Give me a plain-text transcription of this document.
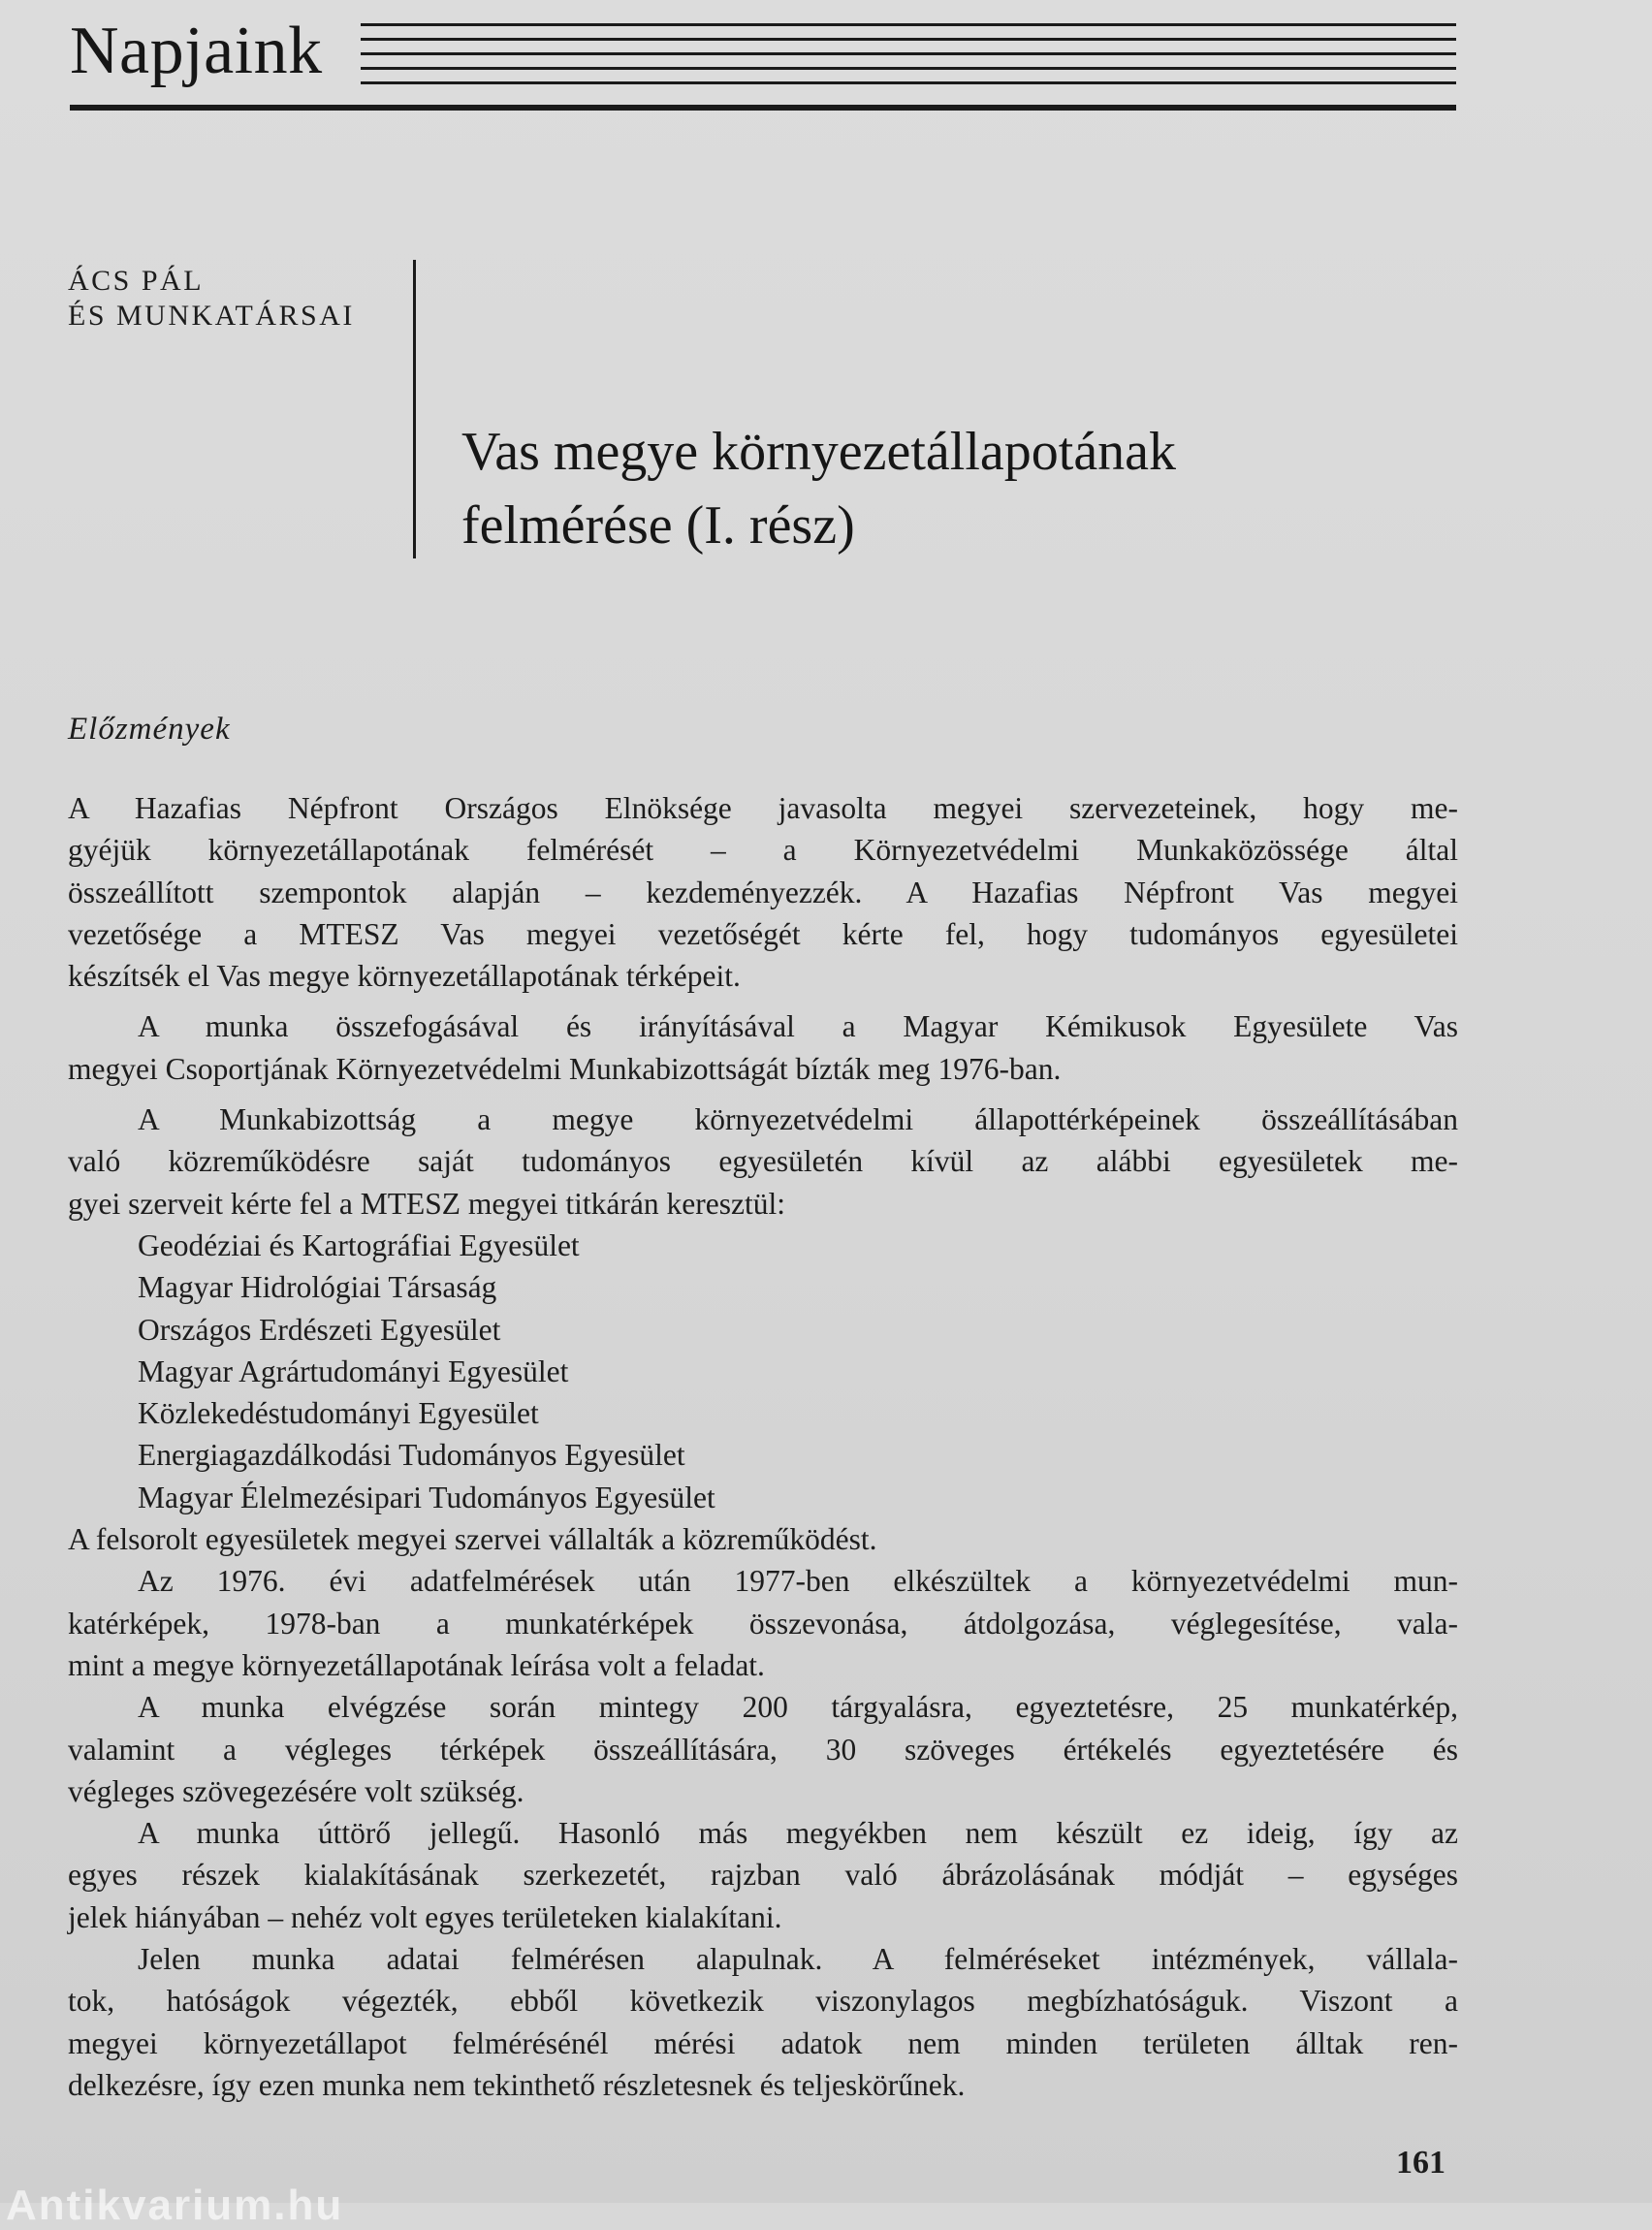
Napjaink
ÁCS PÁL
ÉS MUNKATÁRSAI
Vas megye környezetállapotának
felmérése (I. rész)
Előzmények
A Hazafias Népfront Országos Elnöksége javasolta megyei szervezeteinek, hogy me-
gyéjük környezetállapotának felmérését – a Környezetvédelmi Munkaközössége által
összeállított szempontok alapján – kezdeményezzék. A Hazafias Népfront Vas megyei
vezetősége a MTESZ Vas megyei vezetőségét kérte fel, hogy tudományos egyesületei
készítsék el Vas megye környezetállapotának térképeit.
A munka összefogásával és irányításával a Magyar Kémikusok Egyesülete Vas
megyei Csoportjának Környezetvédelmi Munkabizottságát bízták meg 1976-ban.
A Munkabizottság a megye környezetvédelmi állapottérképeinek összeállításában
való közreműködésre saját tudományos egyesületén kívül az alábbi egyesületek me-
gyei szerveit kérte fel a MTESZ megyei titkárán keresztül:
Geodéziai és Kartográfiai Egyesület
Magyar Hidrológiai Társaság
Országos Erdészeti Egyesület
Magyar Agrártudományi Egyesület
Közlekedéstudományi Egyesület
Energiagazdálkodási Tudományos Egyesület
Magyar Élelmezésipari Tudományos Egyesület
A felsorolt egyesületek megyei szervei vállalták a közreműködést.
Az 1976. évi adatfelmérések után 1977-ben elkészültek a környezetvédelmi mun-
katérképek, 1978-ban a munkatérképek összevonása, átdolgozása, véglegesítése, vala-
mint a megye környezetállapotának leírása volt a feladat.
A munka elvégzése során mintegy 200 tárgyalásra, egyeztetésre, 25 munkatérkép,
valamint a végleges térképek összeállítására, 30 szöveges értékelés egyeztetésére és
végleges szövegezésére volt szükség.
A munka úttörő jellegű. Hasonló más megyékben nem készült ez ideig, így az
egyes részek kialakításának szerkezetét, rajzban való ábrázolásának módját – egységes
jelek hiányában – nehéz volt egyes területeken kialakítani.
Jelen munka adatai felmérésen alapulnak. A felméréseket intézmények, vállala-
tok, hatóságok végezték, ebből következik viszonylagos megbízhatóságuk. Viszont a
megyei környezetállapot felmérésénél mérési adatok nem minden területen álltak ren-
delkezésre, így ezen munka nem tekinthető részletesnek és teljeskörűnek.
161
Antikvarium.hu
